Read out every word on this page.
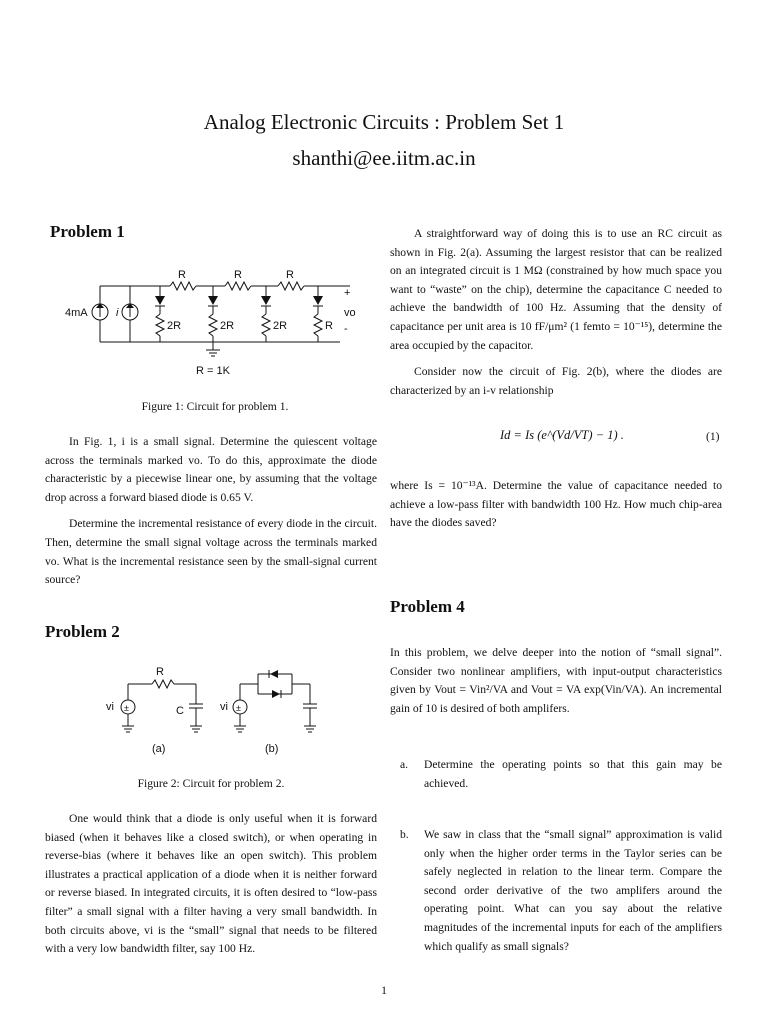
Analog Electronic Circuits : Problem Set 1
shanthi@ee.iitm.ac.in
Problem 1
R	R	R
4mA	i
2R	2R	2R	R
+
vo
-
R = 1K
Figure 1: Circuit for problem 1.

In Fig. 1, i is a small signal. Determine the quiescent voltage across the terminals marked vo. To do this, approximate the diode characteristic by a piecewise linear one, by assuming that the voltage drop across a forward biased diode is 0.65 V.

Determine the incremental resistance of every diode in the circuit. Then, determine the small signal voltage across the terminals marked vo. What is the incremental resistance seen by the small-signal current source?

Problem 2
±	±
R
vi	C	vi
(a)	(b)
Figure 2: Circuit for problem 2.

One would think that a diode is only useful when it is forward biased (when it behaves like a closed switch), or when operating in reverse-bias (where it behaves like an open switch). This problem illustrates a practical application of a diode when it is neither forward or reverse biased. In integrated circuits, it is often desired to “low-pass filter” a small signal with a filter having a very small bandwidth. In both circuits above, vi is the “small” signal that needs to be filtered with a very low bandwidth filter, say 100 Hz.

A straightforward way of doing this is to use an RC circuit as shown in Fig. 2(a). Assuming the largest resistor that can be realized on an integrated circuit is 1 MΩ (constrained by how much space you want to “waste” on the chip), determine the capacitance C needed to achieve the bandwidth of 100 Hz. Assuming that the density of capacitance per unit area is 10 fF/μm² (1 femto = 10⁻¹⁵), determine the area occupied by the capacitor.

Consider now the circuit of Fig. 2(b), where the diodes are characterized by an i-v relationship

Id = Is (e^(Vd/VT) − 1) .	(1)

where Is = 10⁻¹³A. Determine the value of capacitance needed to achieve a low-pass filter with bandwidth 100 Hz. How much chip-area have the diodes saved?

Problem 4

In this problem, we delve deeper into the notion of “small signal”. Consider two nonlinear amplifiers, with input-output characteristics given by Vout = Vin²/VA and Vout = VA exp(Vin/VA). An incremental gain of 10 is desired of both amplifers.

a.	Determine the operating points so that this gain may be achieved.
b.	We saw in class that the “small signal” approximation is valid only when the higher order terms in the Taylor series can be safely neglected in relation to the linear term. Compare the second order derivative of the two amplifers around the operating point. What can you say about the relative magnitudes of the incremental inputs for each of the amplifiers which qualify as small signals?
1
